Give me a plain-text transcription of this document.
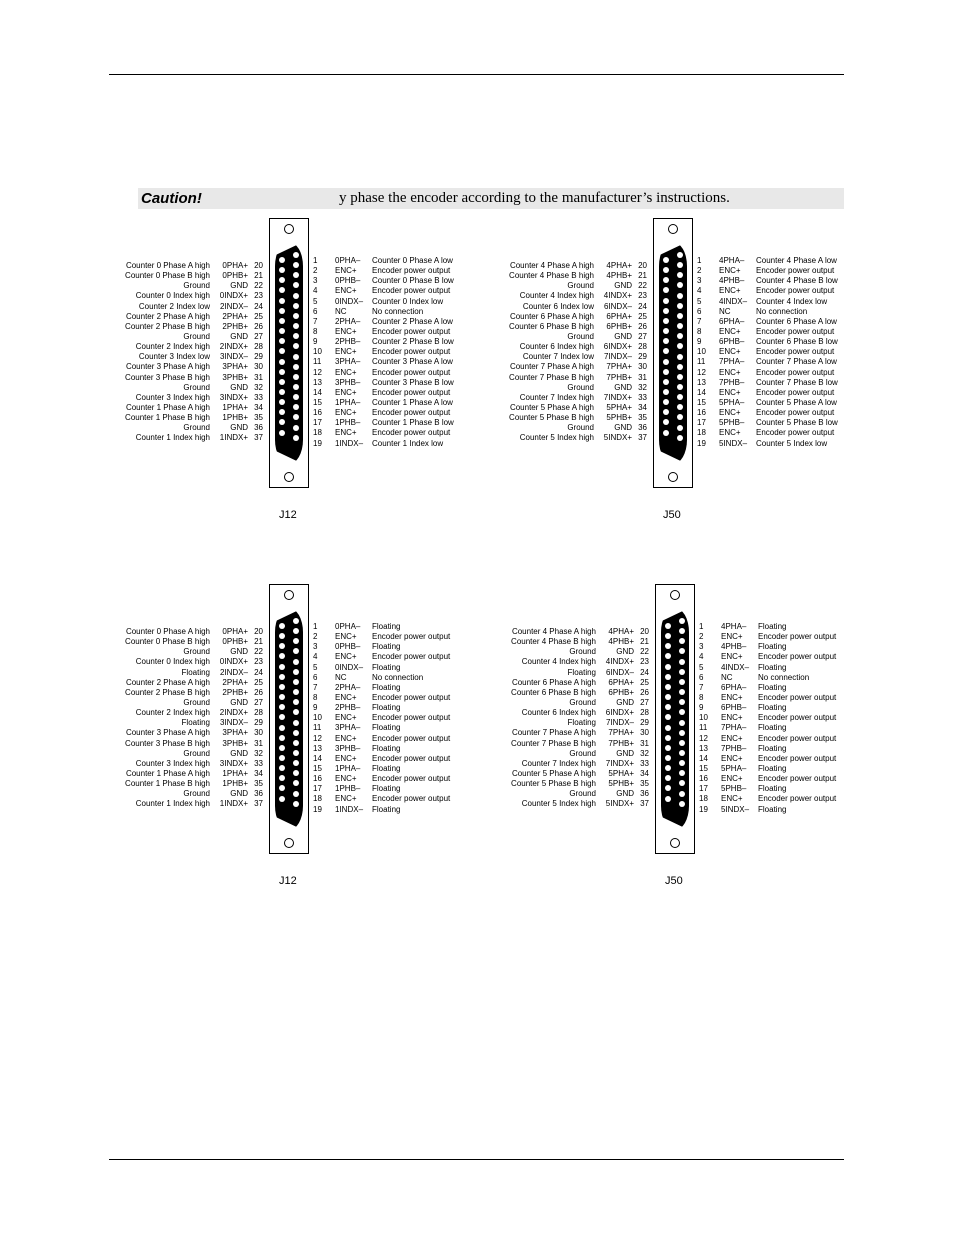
Caution!	y phase the encoder according to the manufacturer’s instructions.
Counter 0 Phase A high	0PHA+ 20
Counter 0 Phase B high	0PHB+ 21
Ground	GND 22
Counter 0 Index high	0INDX+ 23
Counter 2 Index low	2INDX– 24
Counter 2 Phase A high	2PHA+ 25
Counter 2 Phase B high	2PHB+ 26
Ground	GND 27
Counter 2 Index high	2INDX+ 28
Counter 3 Index low	3INDX– 29
Counter 3 Phase A high	3PHA+ 30
Counter 3 Phase B high	3PHB+ 31
Ground	GND 32
Counter 3 Index high	3INDX+ 33
Counter 1 Phase A high	1PHA+ 34
Counter 1 Phase B high	1PHB+ 35
Ground	GND 36
Counter 1 Index high	1INDX+ 37
1	0PHA–	Counter 0 Phase A low
2	ENC+	Encoder power output
3	0PHB–	Counter 0 Phase B low
4	ENC+	Encoder power output
5	0INDX–	Counter 0 Index low
6	NC	No connection
7	2PHA–	Counter 2 Phase A low
8	ENC+	Encoder power output
9	2PHB–	Counter 2 Phase B low
10	ENC+	Encoder power output
11	3PHA–	Counter 3 Phase A low
12	ENC+	Encoder power output
13	3PHB–	Counter 3 Phase B low
14	ENC+	Encoder power output
15	1PHA–	Counter 1 Phase A low
16	ENC+	Encoder power output
17	1PHB–	Counter 1 Phase B low
18	ENC+	Encoder power output
19	1INDX–	Counter 1 Index low
J12
Counter 4 Phase A high	4PHA+ 20
Counter 4 Phase B high	4PHB+ 21
Ground	GND 22
Counter 4 Index high	4INDX+ 23
Counter 6 Index low	6INDX– 24
Counter 6 Phase A high	6PHA+ 25
Counter 6 Phase B high	6PHB+ 26
Ground	GND 27
Counter 6 Index high	6INDX+ 28
Counter 7 Index low	7INDX– 29
Counter 7 Phase A high	7PHA+ 30
Counter 7 Phase B high	7PHB+ 31
Ground	GND 32
Counter 7 Index high	7INDX+ 33
Counter 5 Phase A high	5PHA+ 34
Counter 5 Phase B high	5PHB+ 35
Ground	GND 36
Counter 5 Index high	5INDX+ 37
1	4PHA–	Counter 4 Phase A low
2	ENC+	Encoder power output
3	4PHB–	Counter 4 Phase B low
4	ENC+	Encoder power output
5	4INDX–	Counter 4 Index low
6	NC	No connection
7	6PHA–	Counter 6 Phase A low
8	ENC+	Encoder power output
9	6PHB–	Counter 6 Phase B low
10	ENC+	Encoder power output
11	7PHA–	Counter 7 Phase A low
12	ENC+	Encoder power output
13	7PHB–	Counter 7 Phase B low
14	ENC+	Encoder power output
15	5PHA–	Counter 5 Phase A low
16	ENC+	Encoder power output
17	5PHB–	Counter 5 Phase B low
18	ENC+	Encoder power output
19	5INDX–	Counter 5 Index low
J50
Counter 0 Phase A high	0PHA+ 20
Counter 0 Phase B high	0PHB+ 21
Ground	GND 22
Counter 0 Index high	0INDX+ 23
Floating	2INDX– 24
Counter 2 Phase A high	2PHA+ 25
Counter 2 Phase B high	2PHB+ 26
Ground	GND 27
Counter 2 Index high	2INDX+ 28
Floating	3INDX– 29
Counter 3 Phase A high	3PHA+ 30
Counter 3 Phase B high	3PHB+ 31
Ground	GND 32
Counter 3 Index high	3INDX+ 33
Counter 1 Phase A high	1PHA+ 34
Counter 1 Phase B high	1PHB+ 35
Ground	GND 36
Counter 1 Index high	1INDX+ 37
1	0PHA–	Floating
2	ENC+	Encoder power output
3	0PHB–	Floating
4	ENC+	Encoder power output
5	0INDX–	Floating
6	NC	No connection
7	2PHA–	Floating
8	ENC+	Encoder power output
9	2PHB–	Floating
10	ENC+	Encoder power output
11	3PHA–	Floating
12	ENC+	Encoder power output
13	3PHB–	Floating
14	ENC+	Encoder power output
15	1PHA–	Floating
16	ENC+	Encoder power output
17	1PHB–	Floating
18	ENC+	Encoder power output
19	1INDX–	Floating
J12
Counter 4 Phase A high	4PHA+ 20
Counter 4 Phase B high	4PHB+ 21
Ground	GND 22
Counter 4 Index high	4INDX+ 23
Floating	6INDX– 24
Counter 6 Phase A high	6PHA+ 25
Counter 6 Phase B high	6PHB+ 26
Ground	GND 27
Counter 6 Index high	6INDX+ 28
Floating	7INDX– 29
Counter 7 Phase A high	7PHA+ 30
Counter 7 Phase B high	7PHB+ 31
Ground	GND 32
Counter 7 Index high	7INDX+ 33
Counter 5 Phase A high	5PHA+ 34
Counter 5 Phase B high	5PHB+ 35
Ground	GND 36
Counter 5 Index high	5INDX+ 37
1	4PHA–	Floating
2	ENC+	Encoder power output
3	4PHB–	Floating
4	ENC+	Encoder power output
5	4INDX–	Floating
6	NC	No connection
7	6PHA–	Floating
8	ENC+	Encoder power output
9	6PHB–	Floating
10	ENC+	Encoder power output
11	7PHA–	Floating
12	ENC+	Encoder power output
13	7PHB–	Floating
14	ENC+	Encoder power output
15	5PHA–	Floating
16	ENC+	Encoder power output
17	5PHB–	Floating
18	ENC+	Encoder power output
19	5INDX–	Floating
J50
